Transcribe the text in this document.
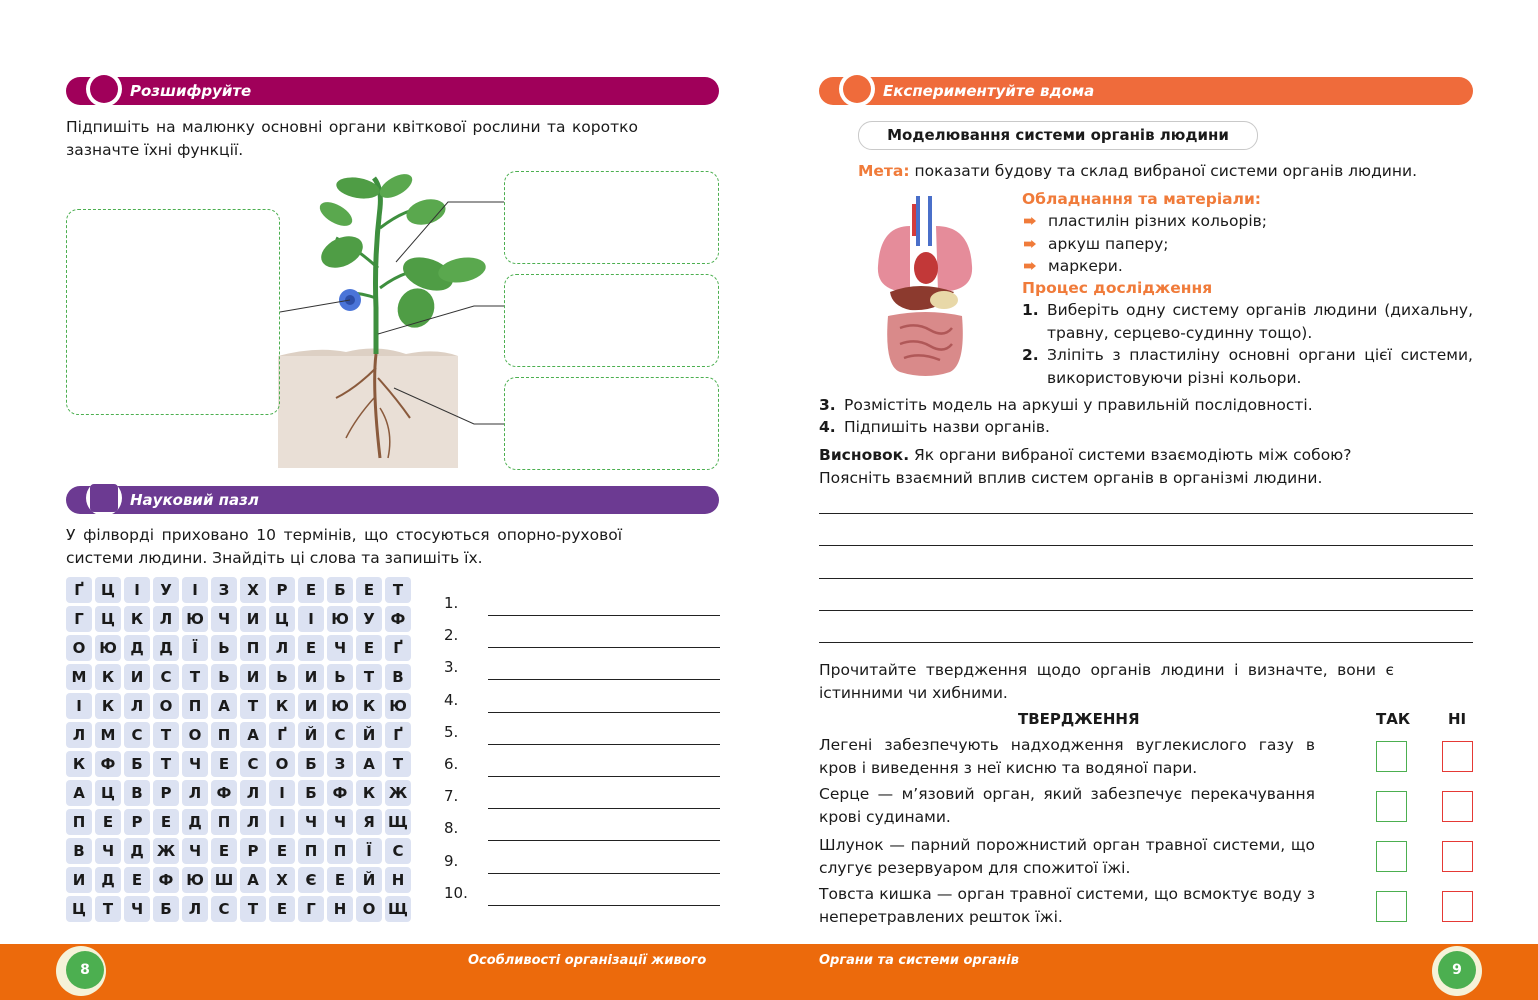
Розшифруйте
Підпишіть на малюнку основні органи квіткової рослини та коротко зазначте їхні функції.
Науковий пазл
У філворді приховано 10 термінів, що стосуються опорно-рухової системи людини. Знайдіть ці слова та запишіть їх.
Ґ	Ц	І	У	І	З	Х	Р	Е	Б	Е	Т
Г	Ц	К	Л Ю Ч	И	Ц	І	Ю У	Ф
О Ю Д	Д	Ї	Ь	П	Л	Е	Ч	Е	Ґ
М	К	И	С	Т	Ь	И	Ь	И	Ь	Т	В
І	К	Л	О	П	А	Т	К	И Ю К Ю
Л	М	С	Т	О	П	А	Ґ	Й	С	Й	Ґ
К	Ф	Б	Т	Ч	Е	С	О	Б	З	А	Т
А	Ц	В	Р	Л	Ф	Л	І	Б	Ф	К Ж
П	Е	Р	Е	Д	П	Л	І	Ч	Ч	Я Щ
В	Ч	Д Ж Ч	Е	Р	Е	П	П	Ї	С
И	Д	Е	Ф Ю Ш А	Х	Є	Е	Й	Н
Ц	Т	Ч	Б	Л	С	Т	Е	Г	Н	О Щ
1.
2.
3.
4.
5.
6.
7.
8.
9.
10.
Експериментуйте вдома
Моделювання системи органів людини
Мета: показати будову та склад вибраної системи органів людини.
Обладнання та матеріали:
пластилін різних кольорів;
аркуш паперу;
маркери.
Процес дослідження
1. Виберіть одну систему органів людини (дихальну, травну, серцево-судинну тощо).
2. Зліпіть з пластиліну основні органи цієї системи, використовуючи різні кольори.
3. Розмістіть модель на аркуші у правильній послідовності.
4. Підпишіть назви органів.
Висновок. Як органи вибраної системи взаємодіють між собою? Поясніть взаємний вплив систем органів в організмі людини.
Прочитайте твердження щодо органів людини і визначте, вони є істинними чи хибними.
ТВЕРДЖЕННЯ	ТАК	НІ
Легені забезпечують надходження вуглекислого газу в кров і виведення з неї кисню та водяної пари.
Серце — м’язовий орган, який забезпечує перекачування крові судинами.
Шлунок — парний порожнистий орган травної системи, що слугує резервуаром для спожитої їжі.
Товста кишка — орган травної системи, що всмоктує воду з неперетравлених решток їжі.
8
Особливості організації живого	Органи та системи органів
9
